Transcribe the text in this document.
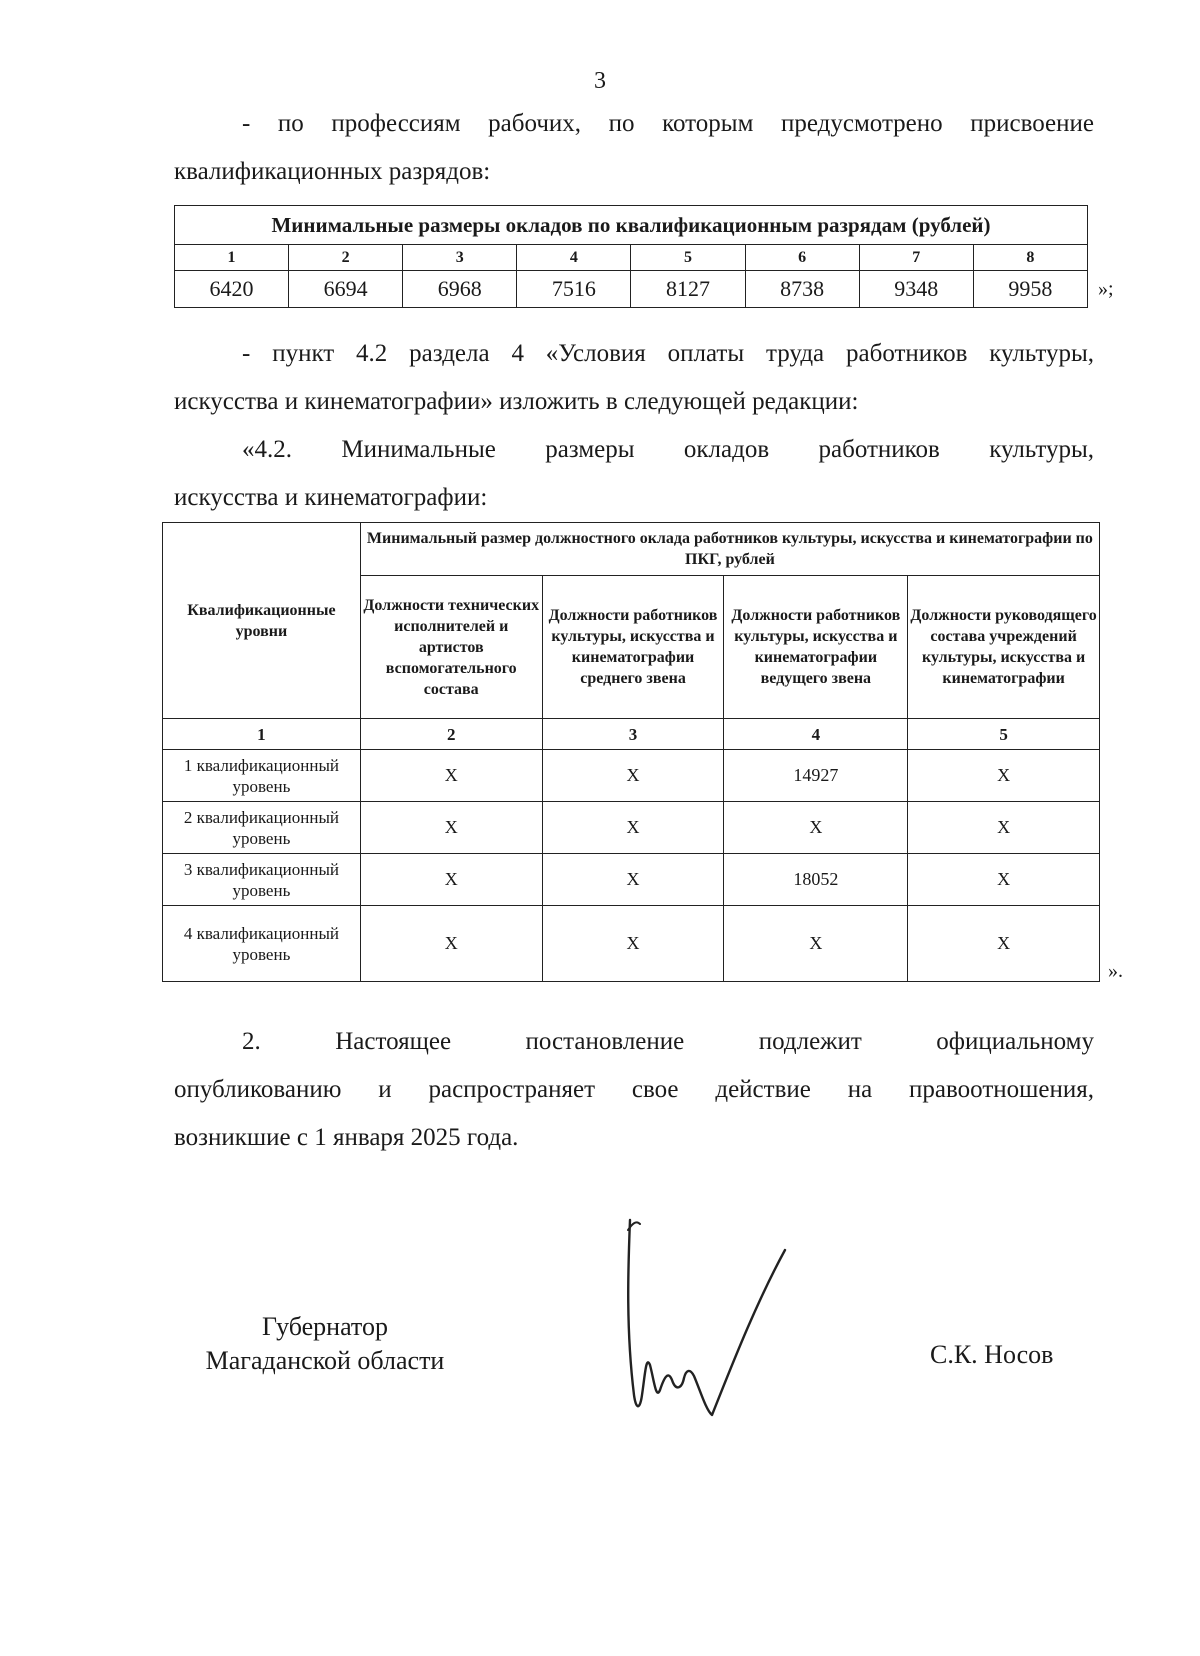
3
- по профессиям рабочих, по которым предусмотрено присвоение
квалификационных разрядов:
Минимальные размеры окладов по квалификационным разрядам (рублей)							
1	2	3	4	5	6	7	8
6420	6694	6968	7516	8127	8738	9348	9958 »;
- пункт 4.2 раздела 4 «Условия оплаты труда работников культуры,
искусства и кинематографии» изложить в следующей редакции:
«4.2. Минимальные размеры окладов работников культуры,
искусства и кинематографии:
Квалификационные уровни	Минимальный размер должностного оклада работников культуры, искусства и кинематографии по ПКГ, рублей			
	Должности технических исполнителей и артистов вспомогательного состава	Должности работников культуры, искусства и кинематографии среднего звена	Должности работников культуры, искусства и кинематографии ведущего звена	Должности руководящего состава учреждений культуры, искусства и кинематографии
1	2	3	4	5
1 квалификационный уровень	Х	Х	14927	Х
2 квалификационный уровень	Х	Х	Х	Х
3 квалификационный уровень	Х	Х	18052	Х
4 квалификационный уровень	Х	Х	Х	Х
».
2. Настоящее постановление подлежит официальному
опубликованию и распространяет свое действие на правоотношения,
возникшие с 1 января 2025 года.
Губернатор
Магаданской области	С.К. Носов
